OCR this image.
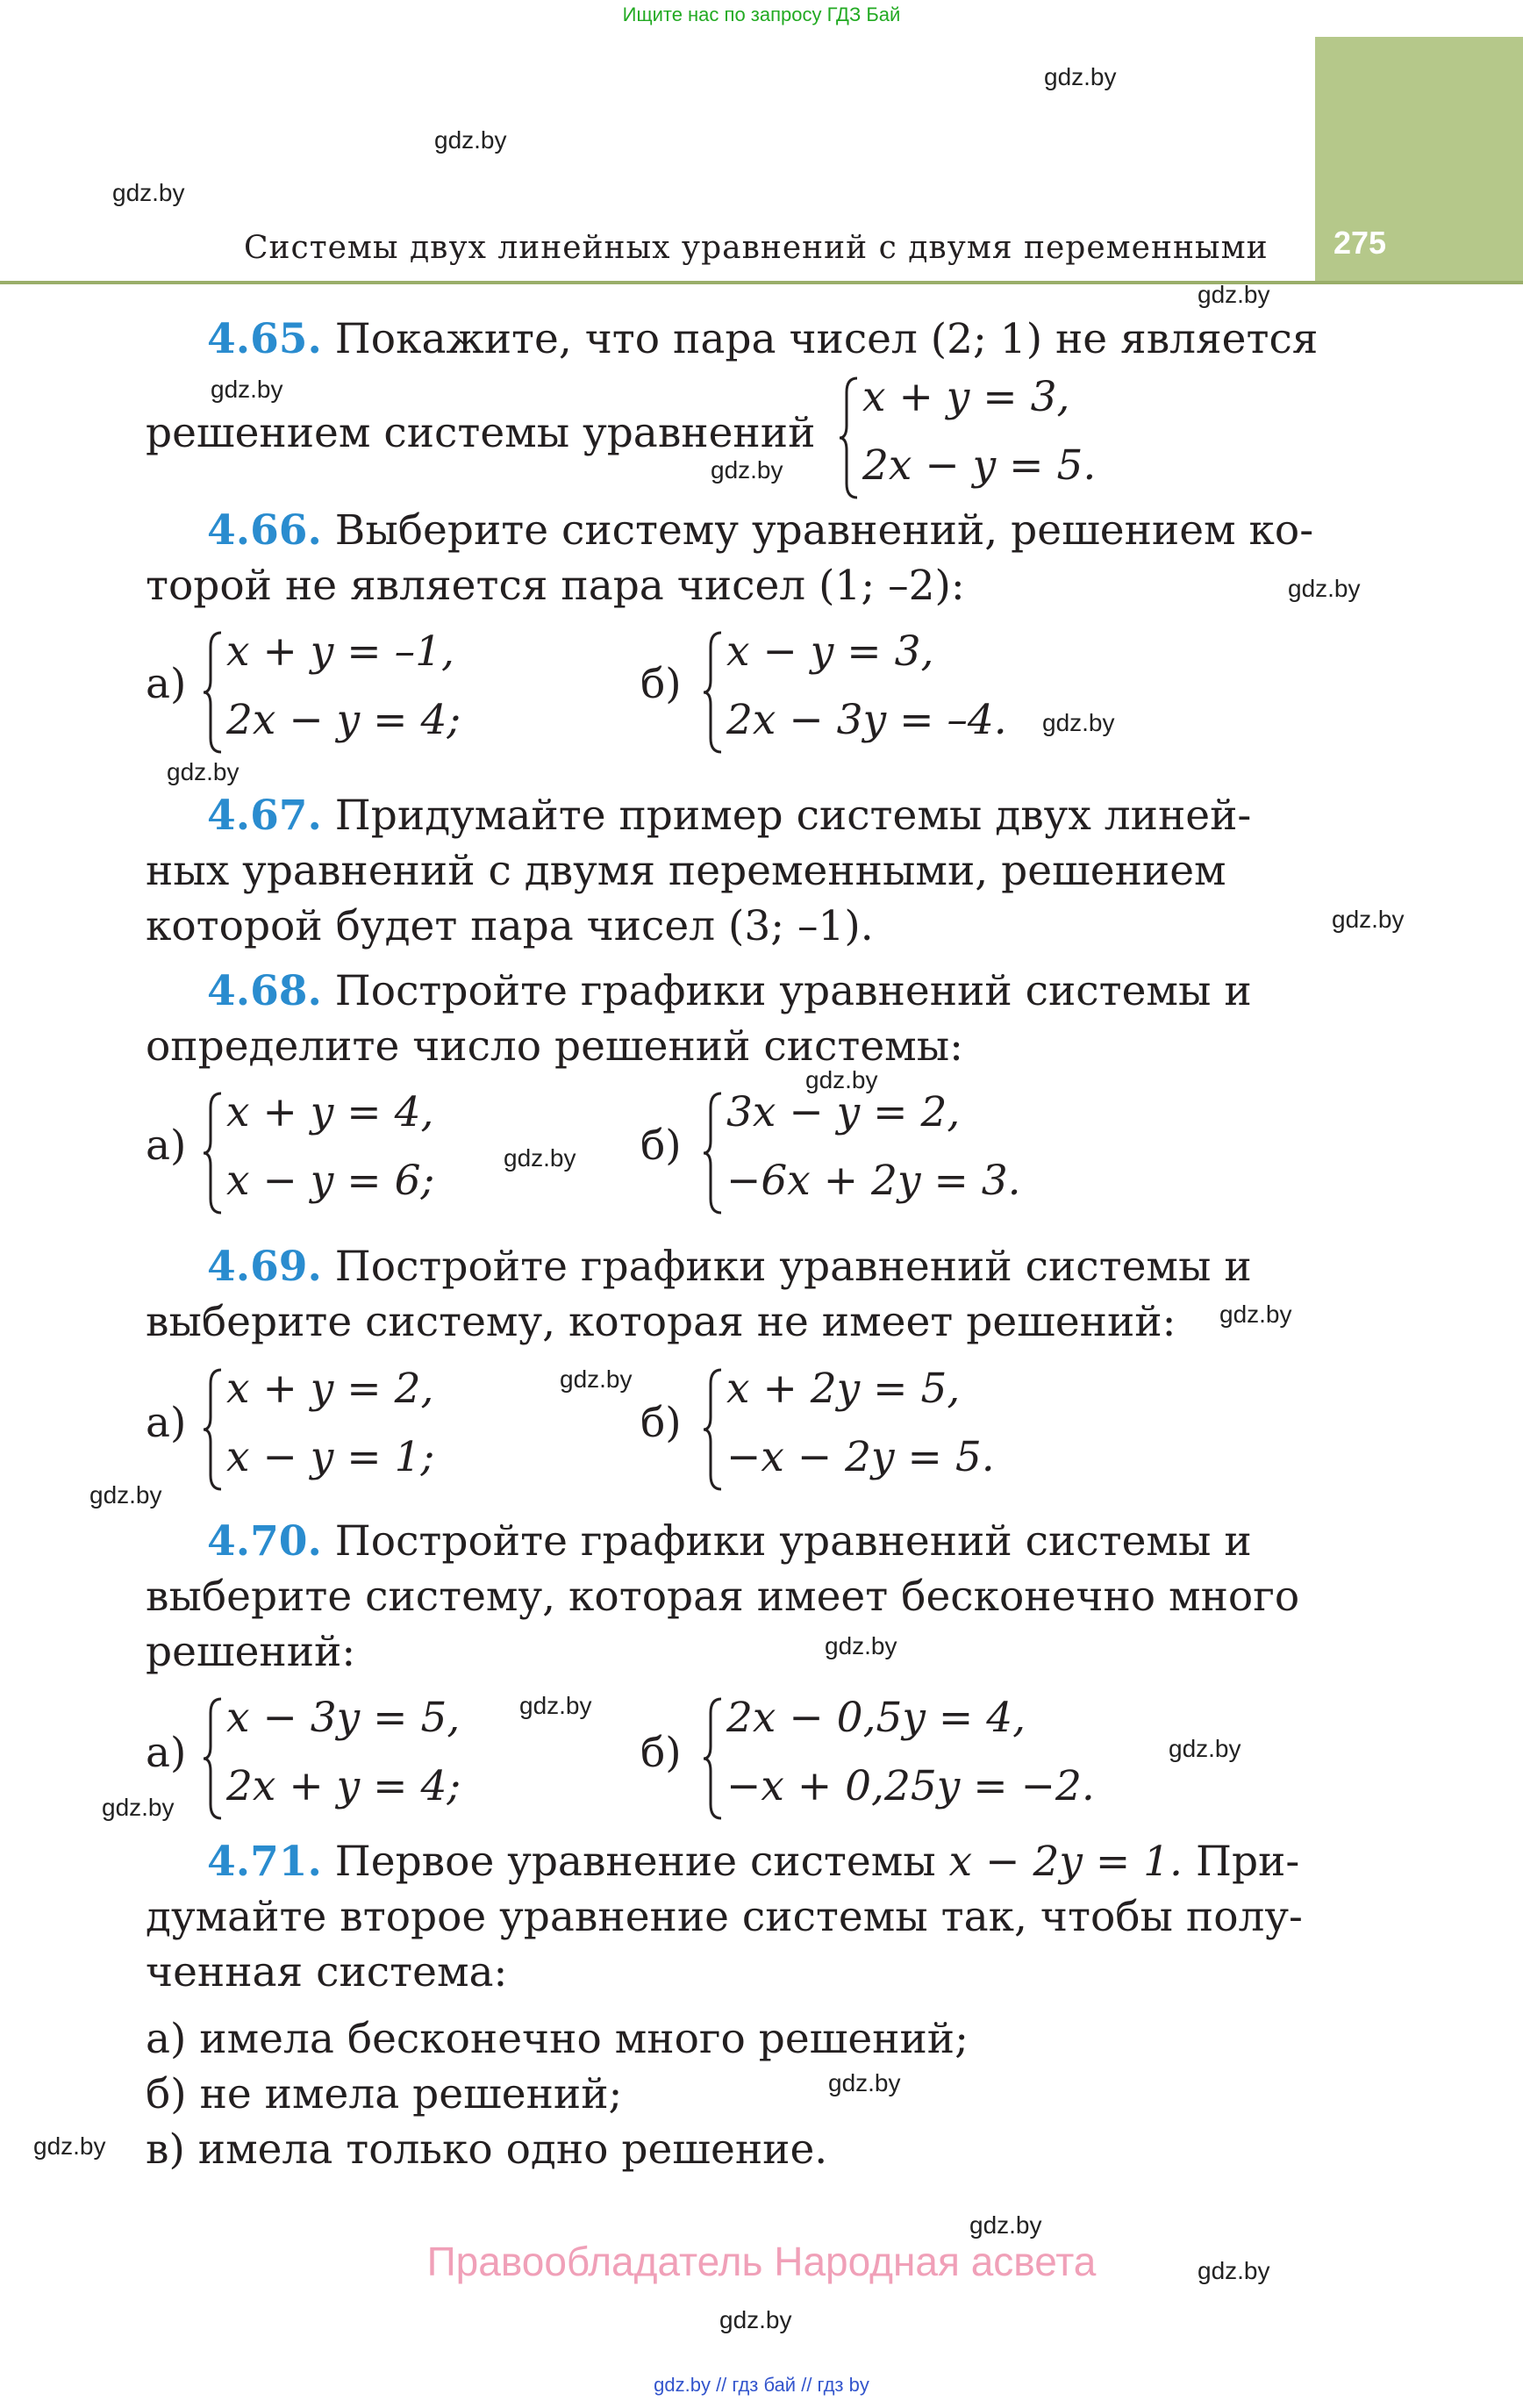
Ищите нас по запросу ГДЗ Бай
275
Системы двух линейных уравнений с двумя переменными
gdz.by
gdz.by
gdz.by
gdz.by
gdz.by
gdz.by
gdz.by
gdz.by
gdz.by
gdz.by
gdz.by
gdz.by
gdz.by
gdz.by
gdz.by
gdz.by
gdz.by
gdz.by
gdz.by
gdz.by
gdz.by
gdz.by
gdz.by
gdz.by
4.65. Покажите, что пара чисел (2; 1) не является
решением системы уравнений
x + y = 3,
2x − y = 5.
4.66. Выберите систему уравнений, решением ко-
торой не является пара чисел (1; –2):
а)
x + y = –1,
2x − y = 4;
б)
x − y = 3,
2x − 3y = –4.
4.67. Придумайте пример системы двух линей-
ных уравнений с двумя переменными, решением
которой будет пара чисел (3; –1).
4.68. Постройте графики уравнений системы и
определите число решений системы:
а)
x + y = 4,
x − y = 6;
б)
3x − y = 2,
−6x + 2y = 3.
4.69. Постройте графики уравнений системы и
выберите систему, которая не имеет решений:
а)
x + y = 2,
x − y = 1;
б)
x + 2y = 5,
−x − 2y = 5.
4.70. Постройте графики уравнений системы и
выберите систему, которая имеет бесконечно много
решений:
а)
x − 3y = 5,
2x + y = 4;
б)
2x − 0,5y = 4,
−x + 0,25y = −2.
4.71. Первое уравнение системы x − 2y = 1. При-
думайте второе уравнение системы так, чтобы полу-
ченная система:
а) имела бесконечно много решений;
б) не имела решений;
в) имела только одно решение.
Правообладатель Народная асвета
gdz.by // гдз бай // гдз by
